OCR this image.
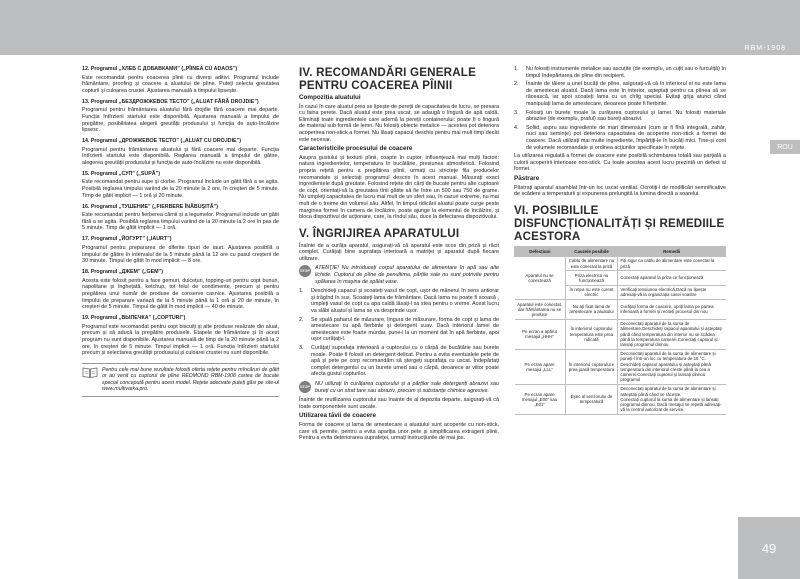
RBM-1908
ROU
49
12. Programul „ХЛЕБ С ДОБАВКАМИ” („PÎINEA CU ADAOS”)

Este recomandat pentru coacerea pîinii cu diverși aditivi. Programul include frământare, proofing și coacere a aluatului de pîine. Puteți selecta greutatea copturii și culoarea crustei. Ajustarea manuală a timpului lipsește.

13. Programul „БЕЗДРОЖЖЕВОЕ ТЕСТО” („ALUAT FĂRĂ DROJDIE”)

Programul pentru frământarea aluatului fără drojdie fără coacere mai departe. Funcția întîrzierii startului este disponibilă. Ajustarea manuală a timpului de pregătire, posibilitatea alegerii greutății produsului și funcția de auto-încălzire lipsesc.

14. Programul „ДРОЖЖЕВОЕ ТЕСТО” („ALUAT CU DROJDIE”)

Programul pentru frământarea aluatului și fără coacere mai departe. Funcția întîrzierii startului este disponibilă. Reglarea manuală a timpului de gătire, alegerea greutății produsului și funcția de auto-încălzire nu este disponibilă.

15. Programul „СУП” („SUPĂ”)

Este recomandat pentru supe și ciorbe. Programul include un gătit fără a se agita. Posibilă reglarea timpului variind de la 20 minute la 2 ore, în creșteri de 5 minute. Timp de gătit implicit — 1 oră și 20 minute.

16. Programul „ТУШЕНИЕ” („FIERBERE ÎNĂBUȘITĂ”)

Este recomandat pentru fierberea cărnii și a legumelor. Programul include un gătit fără a se agita. Posibilă reglarea timpului variind de la 20 minute la 2 ore în pas de 5 minute. Timp de gătit implicit — 1 oră.

17. Programul „ЙОГУРТ” („IAURT”)

Programul pentru prepararea de diferite tipuri de iaurt. Ajustarea posibilă a timpului de gătire în intervalul de la 5 minute până la 12 ore cu pasul creșterii de 30 minute. Timpul de gătit în mod implicit — 8 ore.

18. Programul „ДЖЕМ” („GEM”)

Acesta este folosit pentru a face gemuri, dulcețuri, topping-uri pentru copt bunuri, napolitane și înghețată, ketchup, tot felul de condimente, precum și pentru pregătirea unui număr de produse de conserve casnice. Ajustarea posibilă a timpului de preparare variază de la 5 minute până la 1 oră și 20 de minute, în creșteri de 5 minute. Timpul de gătit în mod implicit — 40 de minute.

19. Programul „ВЫПЕЧКА” („COPTURI”)

Programul este recomandat pentru copt biscuiți și alte produse realizate din aluat, precum și să aducă la pregătire produsele. Etapele de frământare și în acest program nu sunt disponibile. Ajustarea manuală de timp de la 20 minute până la 2 ore, în creșteri de 5 minute. Timpul implicit — 1 oră. Funcția întîrzierii startului precum și selectarea greutății produsului și culoarei crustei nu sunt disponibile.

Pentru cele mai bune rezultate folosiți oferta rețete pentru mîncăruri de gătit or au venit cu cuptorul de pîine REDMOND RBM-1908 cartea de bucate special concepută pentru acest model. Rețete adecvate puteți găsi pe site-ul www.multivarka.pro.
IV. RECOMANDĂRI GENERALE PENTRU COACEREA PÎINII
Compoziția aluatului

În cazul în care aluatul prea se lipește de pereții de capacitatea de lucru, se presara cu faina perete. Dacă aluatul este prea uscat, se adaugă o lingură de apă caldă. Eliminați toate ingredientele care ademă la pereții containerului: poate fi o lingură de material sub formă de lemn. Nu folosiți obiecte metalice — acestea pot deteriora acoperirea non-stick a formei. Nu lăsați capacul deschis pentru mai mult timp decât este necesar.

Caracteristicile procesului de coacere

Asupra gustului și texturii pîinii, coapte în cuptor, influențează mai mulți factori: natura ingredientelor, temperatura în bucătărie, presiunea atmosferică. Folosind propria rețetă pentru a pregătirea pîinii, urmați cu strictețe fila producelor recomandate și selectați programul descris în acest manual. Măsurați exact ingredientele după greutate. Folosind rețete din cărți de bucate pentru alte cuptoare de copt, orientați-vă la greutatea tînii gătite să fie între un 500 sau 750 de grame. Nu umpleți capacitatea de lucru mai mult de un sfert sau, în cazuri extreme, nu mai mult de o treime din volumul său. Altfel, în timpul ridicării aluatul poate curge peste marginea formei în camera de încălzire, poate ajunge la elementul de încălzire, și bloca dispozitivul de acționare, care, la rîndul său, duce la defectarea dispozitivului.

V. ÎNGRIJIREA APARATULUI

Înainte de a curăța aparatul, asigurați-vă că aparatul este scos din priză și răcit complet. Curățați bine suprafața interioară a matriței și aparatul după fiecare utilizare.

STOP ATENȚIE! Nu introduceți corpul aparatului de alimentare în apă sau alte lichide. Cuptorul de pîine de penultima, părțile sale nu sunt potrivite pentru spălarea în mașina de spălat vase.
1.	Deschideți capacul și scoateți vasul de copt, ușor de mânerul în sens antiorar și trăgînd în sus. Scoateți lama de frământare. Dacă lama nu poate fi scoasă , umpleți vasul de copt cu apa caldă lăsați-l sa stea pentru o vreme. Acest lucru va slăbi aluatul și lama se va desprinde ușor.
2.	Se spală paharul de măsurare, lingura de măsurare, forma de copt și lama de amestecare cu apă fierbinte și detergent suav. Dacă interiorul lamei de amestecare este foarte murdar, pune-l la un moment dat în apă fierbinte, apoi ușor curățați-l.
3.	Curățați suprafața interioară a cuptorului cu o cârpă de bucătărie sau burete moale. Poate fi folosit un detergent delicat. Pentru a evita eventualele pete de apă și pete pe corp recomandăm să ștergeți suprafața cu uscat. Îndepărtați complet detergentul cu un burete umed sau o cârpă, deoarece ar viitor poate afecta gustul copturilor.
STOP NU utilizați în curățarea cuptorului și a părților sale detergenți abrazivi sau bureți cu un strat tare sau abraziv, precum și substanțe chimice agresive.

Înainte de reutilizarea cuptorului sau înainte de al depozita departe, asigurați-vă că toate componentele sunt uscate.

Utilizarea tăvii de coacere

Forma de coacere și lama de amestecare a aluatului sunt acoperite cu non-stick, care vă permite, pentru a evita apariția unor pete și simplificarea extragerii pîinii. Pentru a evita deteriorarea suprafeței, urmați instrucțiunile de mai jos.

1.	Nu folosiți instrumente metalice sau ascuțite (de exemplu, un cuțit sau o furculiță) în timpul îndepărtarea de pîine din recipient.
2.	Înainte de tăiere a unei bucăți de pîine, asigurați-vă că în interiorul ei nu este lama de amestecat aluatul. Dacă lama este în interior, așteptați pentru ca pîinea să se răcească, iar apoi scoateți lama cu un cîrlig special. Evitați grija atunci când manipulați lama de amestecare, deoarece poate fi fierbinte.
3.	Folosiți un burete moale la curățarea cuptorului și lamei. Nu folosiți materiale abrazive (de exemplu, praful) sau bureți abrazivi.
4.	Soliid, aspru sau ingrediente de mari dimensiuni (cum ar fi fînă integrală, zahăr, nuci sau semințe) pot deteriora capacitatea de acoperire non-stick a formei de coacere. Dacă utilizați mai multe ingrediente, împărțiți-le în bucăți mici. Tine-și cont de volumele recomandate și ordinea acțiunilor specificate în rețete.

La utilizarea regulată a formei de coacere este posibilă schimbarea totală sau parțială a culorii acoperirii interioare non-stick. Cu toate acestea acest lucru prezintă un defect al formei.

Păstrare

Păstrați aparatul asamblat într-un loc uscat ventilat. Ocrotiți-l de modificări semnificative de scădere a temperaturii și expunerea prelungită la lumina directă a soarelui.

VI. POSIBILILE DISFUNCȚIONALITĂȚI ȘI REMEDIILE ACESTORA
Defecțiuni	Cauzele posibile	Remedii
Aparatul nu se conectează	Cablu de alimentare nu este conectat la priză	Fiți sigur ca cablu de alimentare este conectat la priză
	Priza electrica nu funcționează	Conectați aparatul la priza ce funcționează
	În rețea nu este curent electric	Verificați tensiunea electrică.Dacă nu lipește adresați-vă la organizația casei voastre
Aparatul este conectat, dar frământarea nu se produce	Nu ați fixat lama de amestecare a aluatului	Curățați forma de coacere, opriți lama pe partea inferioară a formei și reciteți procesul din nou
Pe ecran a apărut mesajul „HHH”	În interiorul cuptorului temperatura este prea ridicată	Deconectați aparatul de la sursa de alimentare.Deschideți capacul aparatului și așteptați până când temperatura din interior nu se scădea până la temperatura camerei.Conectați cuptorul și lansați programul dinnou
Pe ecran apare mesajul „LLL”	În interiorul cuptorului e prea joasă temperatura	Deconectați aparatul de la sursa de alimentare și puneți-l într-un loc cu temperatura de 15 °С.
Deschideți capacul aparatului și așteptați până temperatura din interiorul creste până la cea a camerei.Conectați cuptorul și lansați dinnou programul
Pe ecran apare mesajul „E00” sau „E01”	Eşec al senzorului de temperatură	Deconectați aparatul de la sursa de alimentare și așteptați până când se răcește.
Conectați cuptorul la sursa de alimentare și lansați programul dinnou. Dacă mesajul se repetă adresați-vă la centrul autorizat de service.
